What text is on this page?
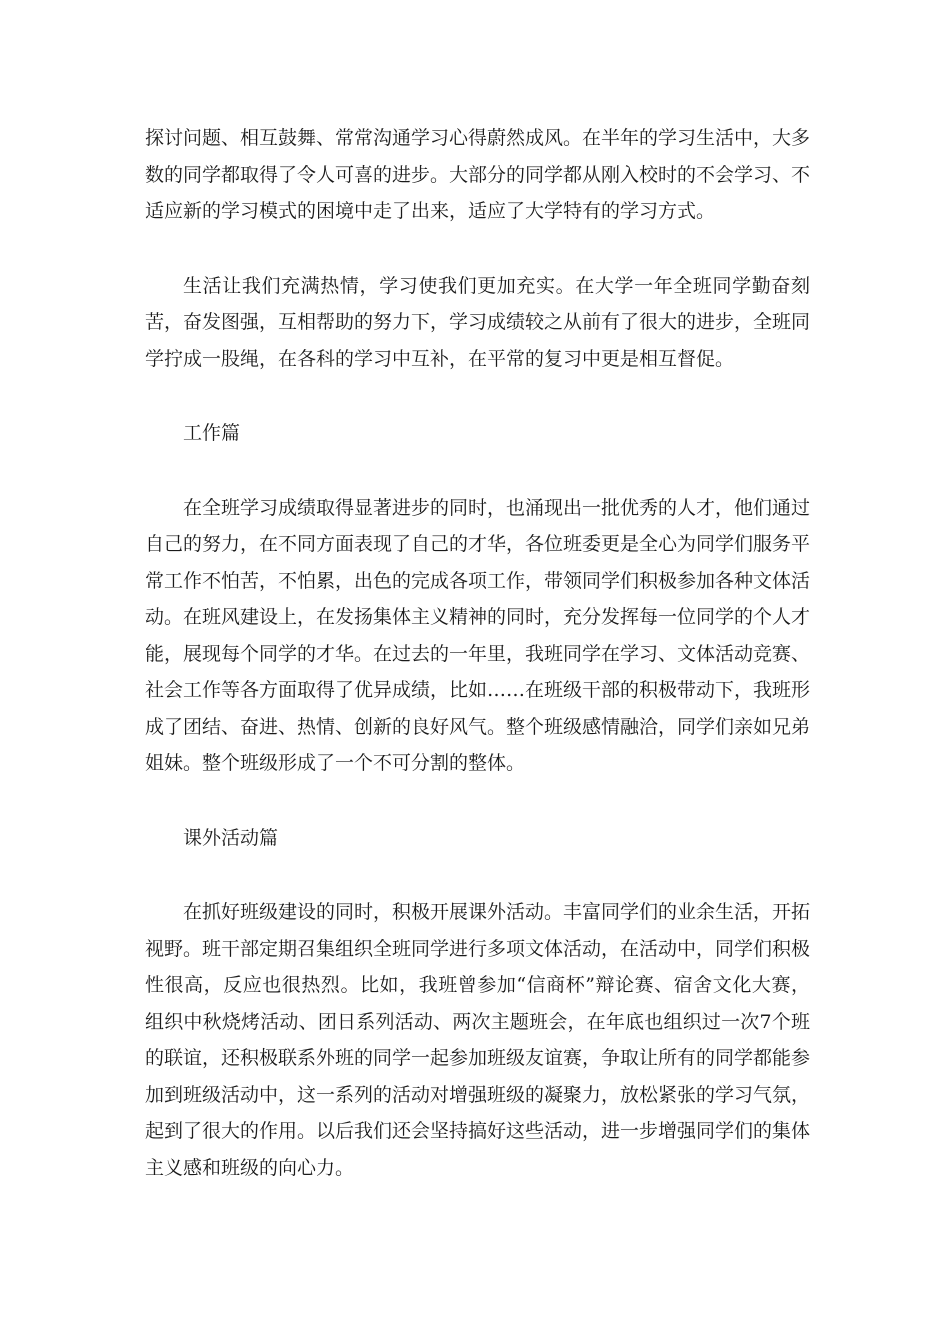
探讨问题、相互鼓舞、常常沟通学习心得蔚然成风。在半年的学习生活中，大多数的同学都取得了令人可喜的进步。大部分的同学都从刚入校时的不会学习、不适应新的学习模式的困境中走了出来，适应了大学特有的学习方式。

生活让我们充满热情，学习使我们更加充实。在大学一年全班同学勤奋刻苦，奋发图强，互相帮助的努力下，学习成绩较之从前有了很大的进步，全班同学拧成一股绳，在各科的学习中互补，在平常的复习中更是相互督促。

工作篇

在全班学习成绩取得显著进步的同时，也涌现出一批优秀的人才，他们通过自己的努力，在不同方面表现了自己的才华，各位班委更是全心为同学们服务平常工作不怕苦，不怕累，出色的完成各项工作，带领同学们积极参加各种文体活动。在班风建设上，在发扬集体主义精神的同时，充分发挥每一位同学的个人才能，展现每个同学的才华。在过去的一年里，我班同学在学习、文体活动竞赛、社会工作等各方面取得了优异成绩，比如……在班级干部的积极带动下，我班形成了团结、奋进、热情、创新的良好风气。整个班级感情融洽，同学们亲如兄弟姐妹。整个班级形成了一个不可分割的整体。

课外活动篇

在抓好班级建设的同时，积极开展课外活动。丰富同学们的业余生活，开拓视野。班干部定期召集组织全班同学进行多项文体活动，在活动中，同学们积极性很高，反应也很热烈。比如，我班曾参加“信商杯”辩论赛、宿舍文化大赛，组织中秋烧烤活动、团日系列活动、两次主题班会，在年底也组织过一次7个班的联谊，还积极联系外班的同学一起参加班级友谊赛，争取让所有的同学都能参加到班级活动中，这一系列的活动对增强班级的凝聚力，放松紧张的学习气氛，起到了很大的作用。以后我们还会坚持搞好这些活动，进一步增强同学们的集体主义感和班级的向心力。
